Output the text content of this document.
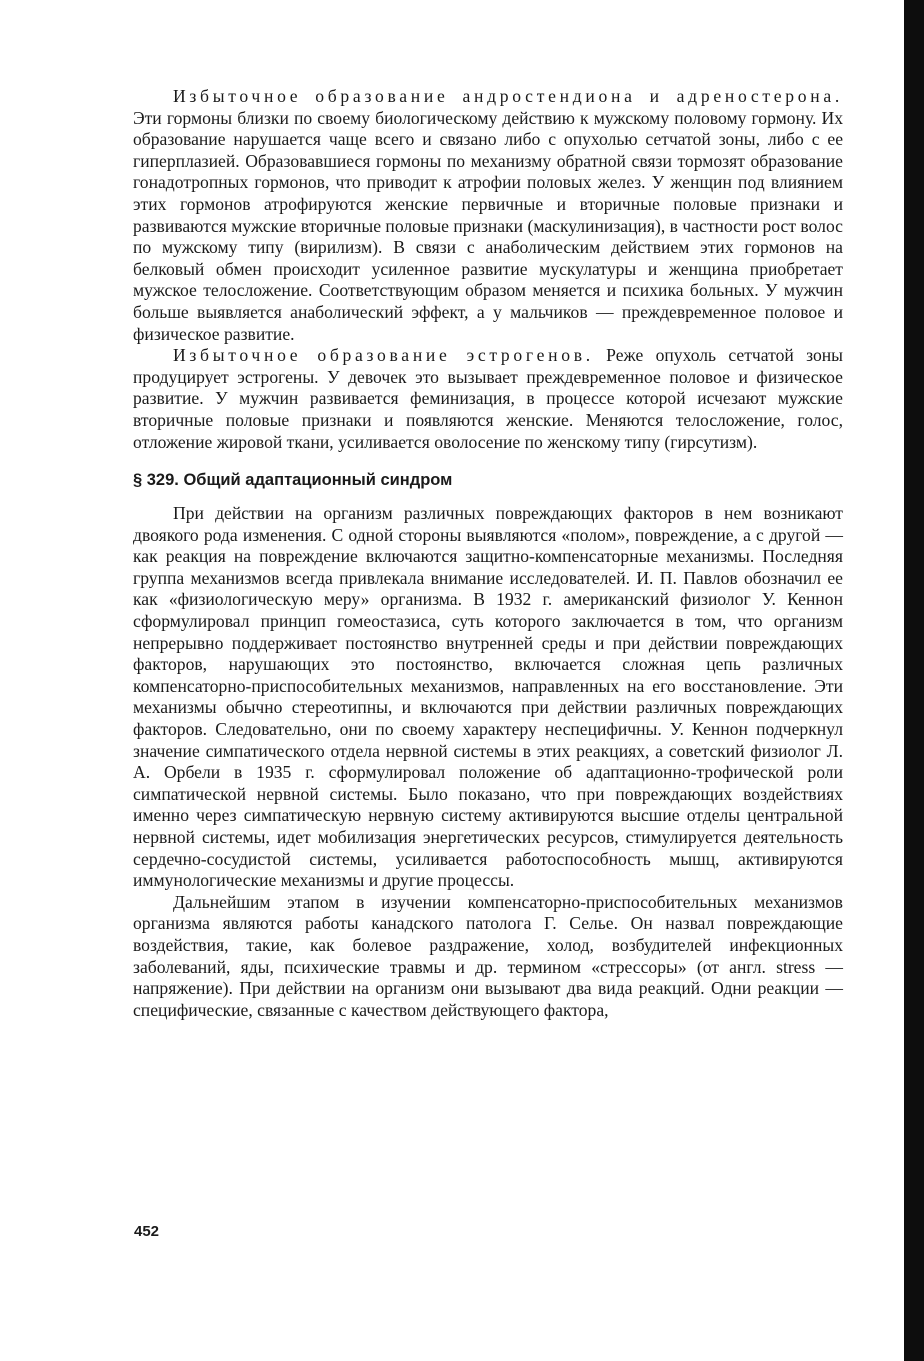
Избыточное образование андростендиона и адреностерона. Эти гормоны близки по своему биологическому действию к мужскому половому гормону. Их образование нарушается чаще всего и связано либо с опухолью сетчатой зоны, либо с ее гиперплазией. Образовавшиеся гормоны по механизму обратной связи тормозят образование гонадотропных гормонов, что приводит к атрофии половых желез. У женщин под влиянием этих гормонов атрофируются женские первичные и вторичные половые признаки и развиваются мужские вторичные половые признаки (маскулинизация), в частности рост волос по мужскому типу (вирилизм). В связи с анаболическим действием этих гормонов на белковый обмен происходит усиленное развитие мускулатуры и женщина приобретает мужское телосложение. Соответствующим образом меняется и психика больных. У мужчин больше выявляется анаболический эффект, а у мальчиков — преждевременное половое и физическое развитие.

Избыточное образование эстрогенов. Реже опухоль сетчатой зоны продуцирует эстрогены. У девочек это вызывает преждевременное половое и физическое развитие. У мужчин развивается феминизация, в процессе которой исчезают мужские вторичные половые признаки и появляются женские. Меняются телосложение, голос, отложение жировой ткани, усиливается оволосение по женскому типу (гирсутизм).

§ 329. Общий адаптационный синдром

При действии на организм различных повреждающих факторов в нем возникают двоякого рода изменения. С одной стороны выявляются «полом», повреждение, а с другой — как реакция на повреждение включаются защитно-компенсаторные механизмы. Последняя группа механизмов всегда привлекала внимание исследователей. И. П. Павлов обозначил ее как «физиологическую меру» организма. В 1932 г. американский физиолог У. Кеннон сформулировал принцип гомеостазиса, суть которого заключается в том, что организм непрерывно поддерживает постоянство внутренней среды и при действии повреждающих факторов, нарушающих это постоянство, включается сложная цепь различных компенсаторно-приспособительных механизмов, направленных на его восстановление. Эти механизмы обычно стереотипны, и включаются при действии различных повреждающих факторов. Следовательно, они по своему характеру неспецифичны. У. Кеннон подчеркнул значение симпатического отдела нервной системы в этих реакциях, а советский физиолог Л. А. Орбели в 1935 г. сформулировал положение об адаптационно-трофической роли симпатической нервной системы. Было показано, что при повреждающих воздействиях именно через симпатическую нервную систему активируются высшие отделы центральной нервной системы, идет мобилизация энергетических ресурсов, стимулируется деятельность сердечно-сосудистой системы, усиливается работоспособность мышц, активируются иммунологические механизмы и другие процессы.

Дальнейшим этапом в изучении компенсаторно-приспособительных механизмов организма являются работы канадского патолога Г. Селье. Он назвал повреждающие воздействия, такие, как болевое раздражение, холод, возбудителей инфекционных заболеваний, яды, психические травмы и др. термином «стрессоры» (от англ. stress — напряжение). При действии на организм они вызывают два вида реакций. Одни реакции — специфические, связанные с качеством действующего фактора,

452
